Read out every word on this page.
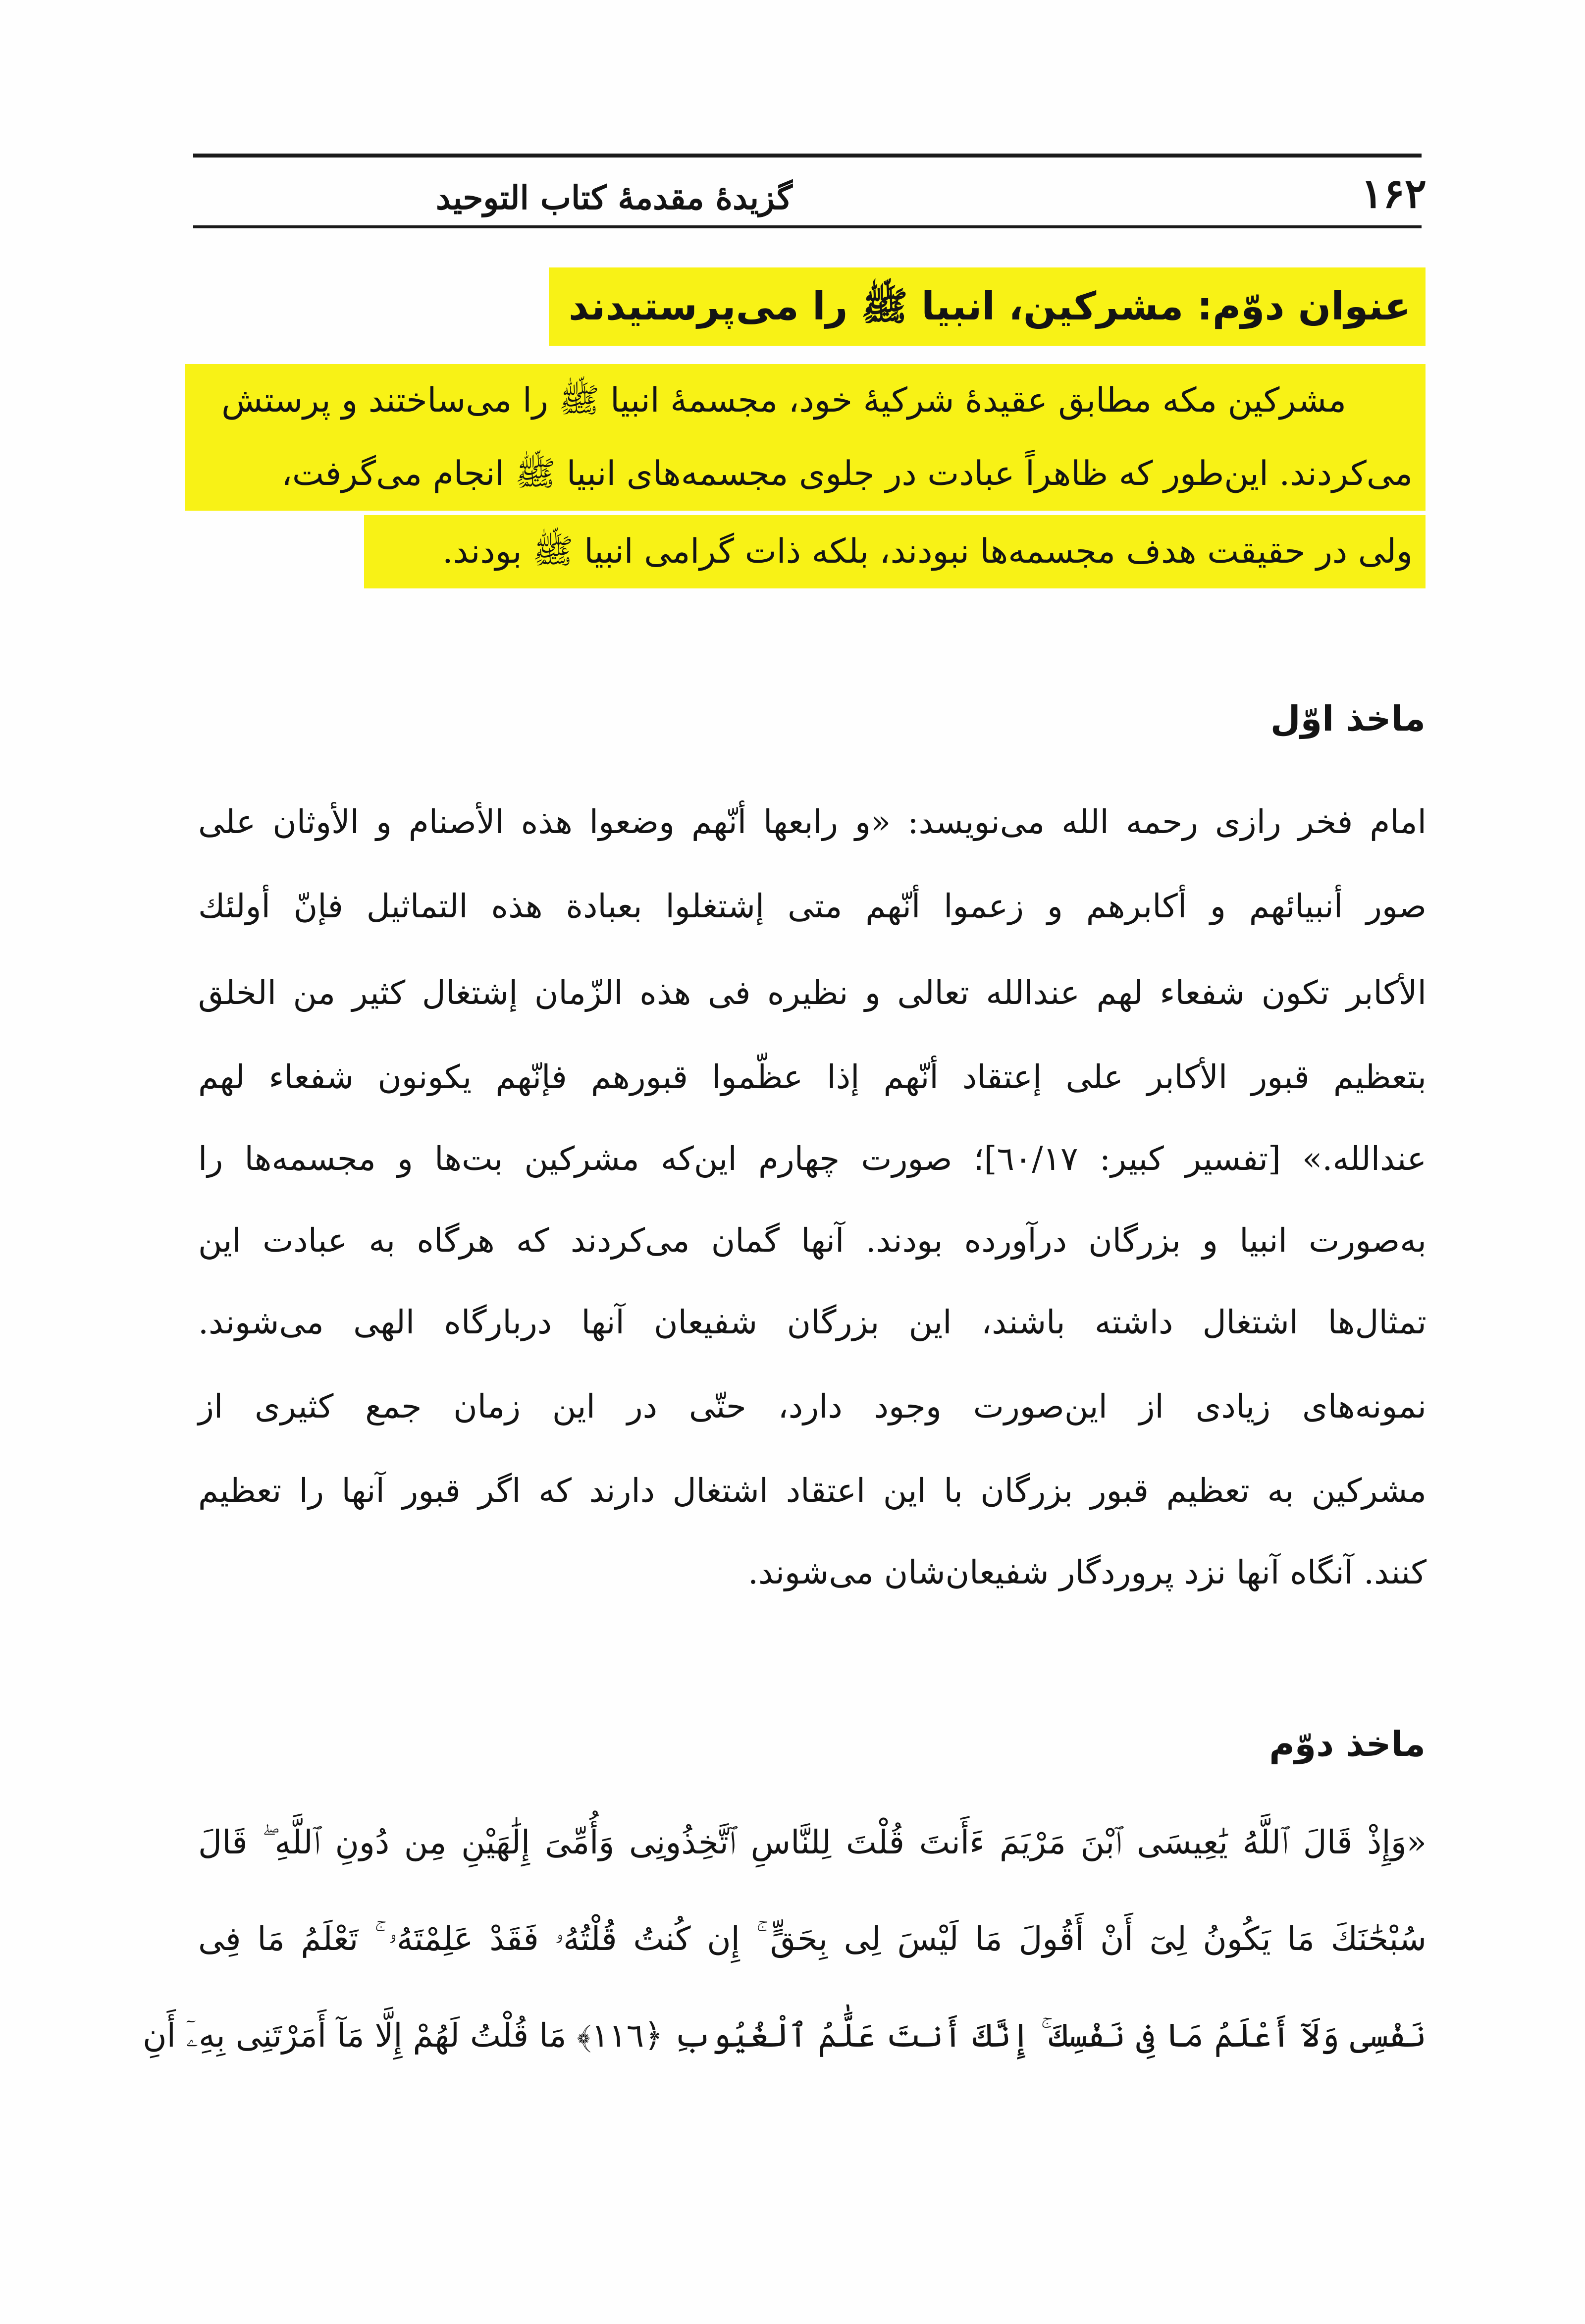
۱۶۲
گزیدهٔ مقدمهٔ کتاب التوحید
عنوان دوّم: مشرکین، انبیا ﷺ را می‌پرستیدند
مشرکین مکه مطابق عقیدهٔ شرکیهٔ خود، مجسمهٔ انبیا ﷺ را می‌ساختند و پرستش
می‌کردند. این‌طور که ظاهراً عبادت در جلوی مجسمه‌های انبیا ﷺ انجام می‌گرفت،
ولی در حقیقت هدف مجسمه‌ها نبودند، بلکه ذات گرامی انبیا ﷺ بودند.
ماخذ اوّل
امام فخر رازی رحمه الله می‌نویسد: «و رابعها أنّهم وضعوا هذه الأصنام و الأوثان على
صور أنبيائهم و أكابرهم و زعموا أنّهم متى إشتغلوا بعبادة هذه التماثيل فإنّ أولئك
الأكابر تكون شفعاء لهم عندالله تعالى و نظيره فى هذه الزّمان إشتغال كثير من الخلق
بتعظيم قبور الأكابر على إعتقاد أنّهم إذا عظّموا قبورهم فإنّهم يكونون شفعاء لهم
عندالله.» [تفسير كبير: ٦٠/١٧]؛ صورت چهارم این‌که مشرکین بت‌ها و مجسمه‌ها را
به‌صورت انبیا و بزرگان درآورده بودند. آنها گمان می‌کردند که هرگاه به عبادت این
تمثال‌ها اشتغال داشته باشند، این بزرگان شفیعان آنها دربارگاه الهی می‌شوند.
نمونه‌های زیادی از این‌صورت وجود دارد، حتّی در این زمان جمع کثیری از
مشرکین به تعظیم قبور بزرگان با این اعتقاد اشتغال دارند که اگر قبور آنها را تعظیم
کنند. آنگاه آنها نزد پروردگار شفیعان‌شان می‌شوند.
ماخذ دوّم
«وَإِذْ قَالَ ٱللَّهُ يَٰعِيسَى ٱبْنَ مَرْيَمَ ءَأَنتَ قُلْتَ لِلنَّاسِ ٱتَّخِذُونِى وَأُمِّىَ إِلَٰهَيْنِ مِن دُونِ ٱللَّهِ ۖ قَالَ
سُبْحَٰنَكَ مَا يَكُونُ لِىٓ أَنْ أَقُولَ مَا لَيْسَ لِى بِحَقٍّ ۚ إِن كُنتُ قُلْتُهُۥ فَقَدْ عَلِمْتَهُۥ ۚ تَعْلَمُ مَا فِى
نَفْسِى وَلَآ أَعْلَمُ مَا فِى نَفْسِكَ ۚ إِنَّكَ أَنتَ عَلَّٰمُ ٱلْغُيُوبِ ﴿١١٦﴾ مَا قُلْتُ لَهُمْ إِلَّا مَآ أَمَرْتَنِى بِهِۦٓ أَنِ
